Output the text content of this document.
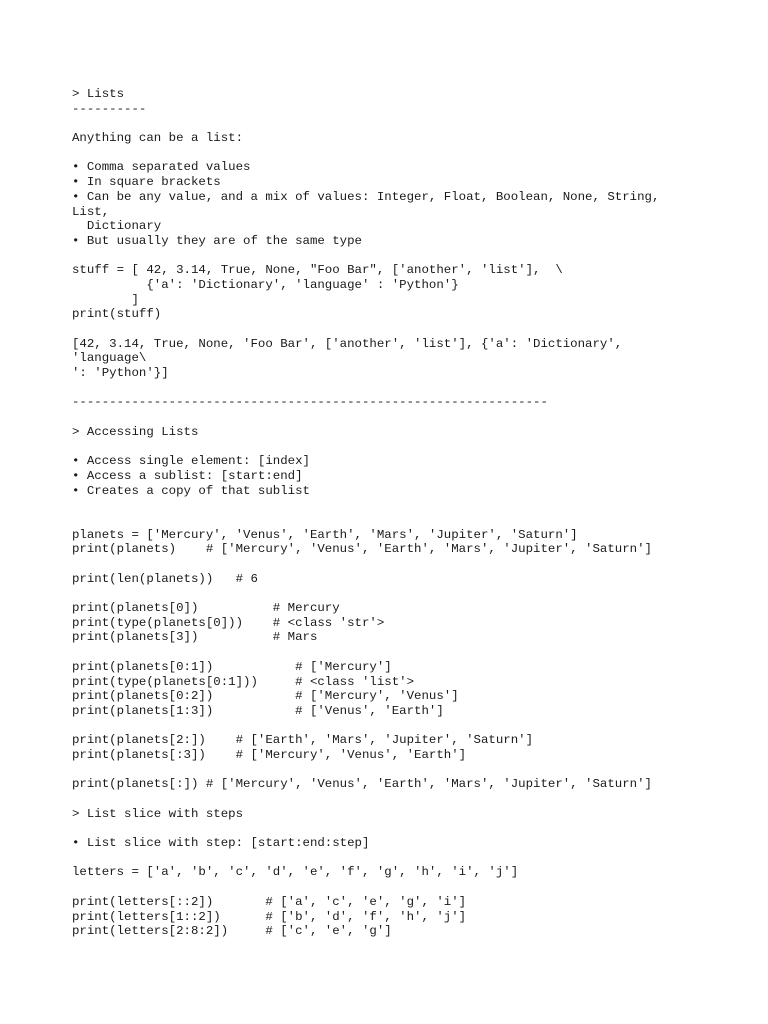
> Lists
----------
Anything can be a list:
• Comma separated values
• In square brackets
• Can be any value, and a mix of values: Integer, Float, Boolean, None, String,
List,
Dictionary
• But usually they are of the same type
stuff = [ 42, 3.14, True, None, "Foo Bar", ['another', 'list'],  \
{'a': 'Dictionary', 'language' : 'Python'}
]
print(stuff)
[42, 3.14, True, None, 'Foo Bar', ['another', 'list'], {'a': 'Dictionary',
'language\
': 'Python'}]
----------------------------------------------------------------
> Accessing Lists
• Access single element: [index]
• Access a sublist: [start:end]
• Creates a copy of that sublist
planets = ['Mercury', 'Venus', 'Earth', 'Mars', 'Jupiter', 'Saturn']
print(planets)    # ['Mercury', 'Venus', 'Earth', 'Mars', 'Jupiter', 'Saturn']
print(len(planets))   # 6
print(planets[0])          # Mercury
print(type(planets[0]))    # <class 'str'>
print(planets[3])          # Mars
print(planets[0:1])           # ['Mercury']
print(type(planets[0:1]))     # <class 'list'>
print(planets[0:2])           # ['Mercury', 'Venus']
print(planets[1:3])           # ['Venus', 'Earth']
print(planets[2:])    # ['Earth', 'Mars', 'Jupiter', 'Saturn']
print(planets[:3])    # ['Mercury', 'Venus', 'Earth']
print(planets[:]) # ['Mercury', 'Venus', 'Earth', 'Mars', 'Jupiter', 'Saturn']
> List slice with steps
• List slice with step: [start:end:step]
letters = ['a', 'b', 'c', 'd', 'e', 'f', 'g', 'h', 'i', 'j']
print(letters[::2])       # ['a', 'c', 'e', 'g', 'i']
print(letters[1::2])      # ['b', 'd', 'f', 'h', 'j']
print(letters[2:8:2])     # ['c', 'e', 'g']
